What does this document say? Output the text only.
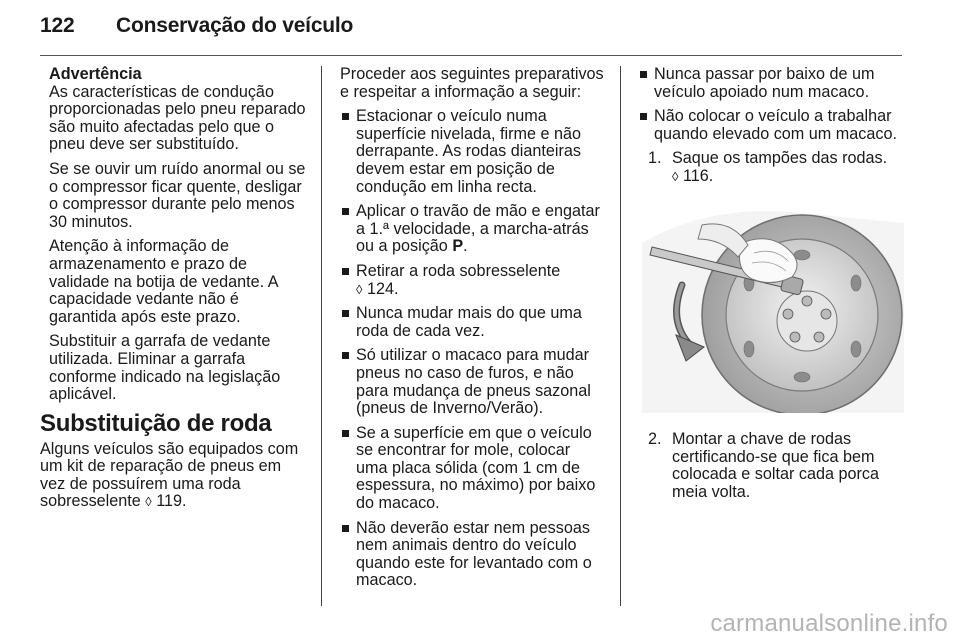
122	Conservação do veículo
Advertência

As características de condução proporcionadas pelo pneu reparado são muito afectadas pelo que o pneu deve ser substituído.

Se se ouvir um ruído anormal ou se o compressor ficar quente, desligar o compressor durante pelo menos 30 minutos.

Atenção à informação de armazenamento e prazo de validade na botija de vedante. A capacidade vedante não é garantida após este prazo.

Substituir a garrafa de vedante utilizada. Eliminar a garrafa conforme indicado na legislação aplicável.

Substituição de roda

Alguns veículos são equipados com um kit de reparação de pneus em vez de possuírem uma roda sobresselente ◊ 119.

Proceder aos seguintes preparativos e respeitar a informação a seguir:

Estacionar o veículo numa superfície nivelada, firme e não derrapante. As rodas dianteiras devem estar em posição de condução em linha recta.
Aplicar o travão de mão e engatar a 1.ª velocidade, a marcha-atrás ou a posição P.
Retirar a roda sobresselente
◊ 124.
Nunca mudar mais do que uma roda de cada vez.
Só utilizar o macaco para mudar pneus no caso de furos, e não para mudança de pneus sazonal (pneus de Inverno/Verão).
Se a superfície em que o veículo se encontrar for mole, colocar uma placa sólida (com 1 cm de espessura, no máximo) por baixo do macaco.
Não deverão estar nem pessoas nem animais dentro do veículo quando este for levantado com o macaco.
Nunca passar por baixo de um veículo apoiado num macaco.
Não colocar o veículo a trabalhar quando elevado com um macaco.
1. Saque os tampões das rodas.
◊ 116.
2. Montar a chave de rodas certificando-se que fica bem colocada e soltar cada porca meia volta.
carmanualsonline.info
